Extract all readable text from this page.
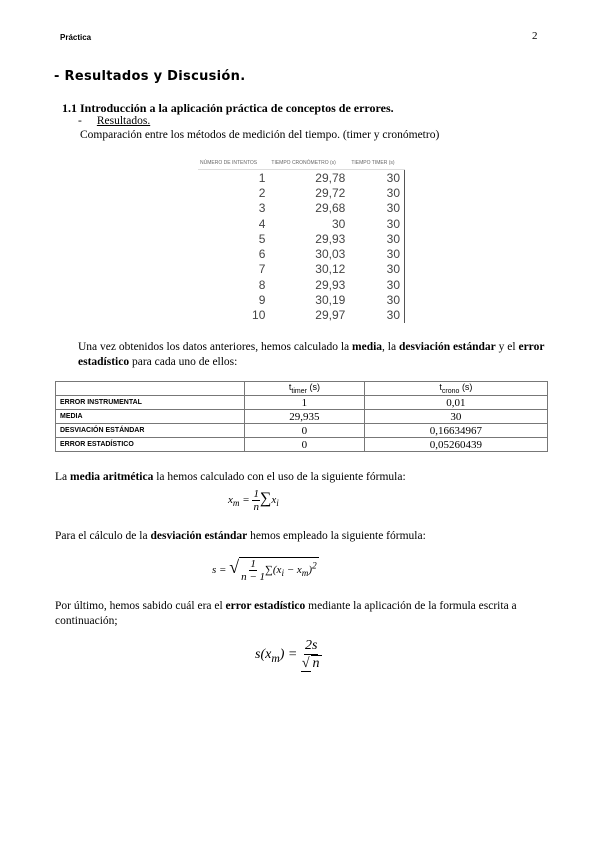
Práctica	2
- Resultados y Discusión.
1.1 Introducción a la aplicación práctica de conceptos de errores.
- Resultados.
Comparación entre los métodos de medición del tiempo. (timer y cronómetro)
NÚMERO DE INTENTOS	TIEMPO CRONÓMETRO (s)	TIEMPO TIMER (s)
1	29,78	30
2	29,72	30
3	29,68	30
4	30	30
5	29,93	30
6	30,03	30
7	30,12	30
8	29,93	30
9	30,19	30
10	29,97	30
Una vez obtenidos los datos anteriores, hemos calculado la media, la desviación estándar y el error estadístico para cada uno de ellos:
	$t_{timer}$ (s)	$t_{crono}$ (s)
ERROR INSTRUMENTAL	1	0,01
MEDIA	29,935	30
DESVIACIÓN ESTÁNDAR	0	0,16634967
ERROR ESTADÍSTICO	0	0,05260439
La media aritmética la hemos calculado con el uso de la siguiente fórmula:
$x_m = \frac{1}{n} \sum x_i$
Para el cálculo de la desviación estándar hemos empleado la siguiente fórmula:
s = √ $\frac{1}{n - 1} \sum(x_i - x_m)^2$
Por último, hemos sabido cuál era el error estadístico mediante la aplicación de la formula escrita a continuación;
$s(x_m) = \frac{2s}{√ n}$
